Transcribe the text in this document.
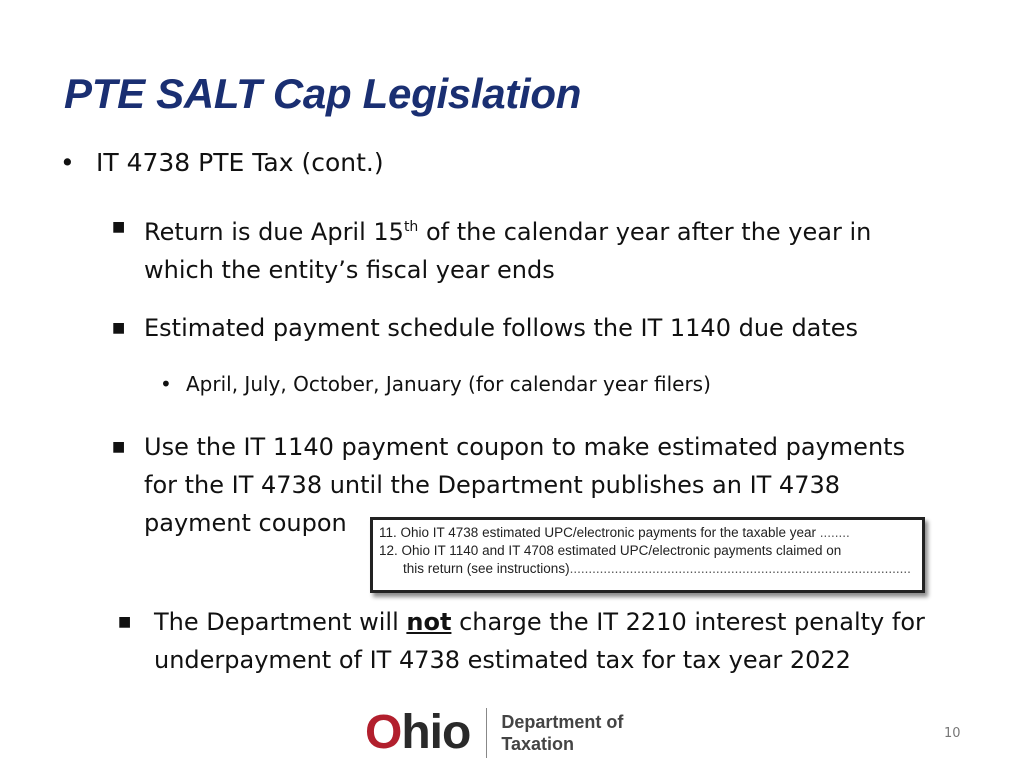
PTE SALT Cap Legislation
• IT 4738 PTE Tax (cont.)
■ Return is due April 15th of the calendar year after the year in
which the entity’s fiscal year ends
■ Estimated payment schedule follows the IT 1140 due dates
• April, July, October, January (for calendar year filers)
■ Use the IT 1140 payment coupon to make estimated payments
for the IT 4738 until the Department publishes an IT 4738
payment coupon	11. Ohio IT 4738 estimated UPC/electronic payments for the taxable year ........
12. Ohio IT 1140 and IT 4708 estimated UPC/electronic payments claimed on
this return (see instructions)...........................................................................................
■ The Department will not charge the IT 2210 interest penalty for
underpayment of IT 4738 estimated tax for tax year 2022
Ohio Department of
Taxation	10
